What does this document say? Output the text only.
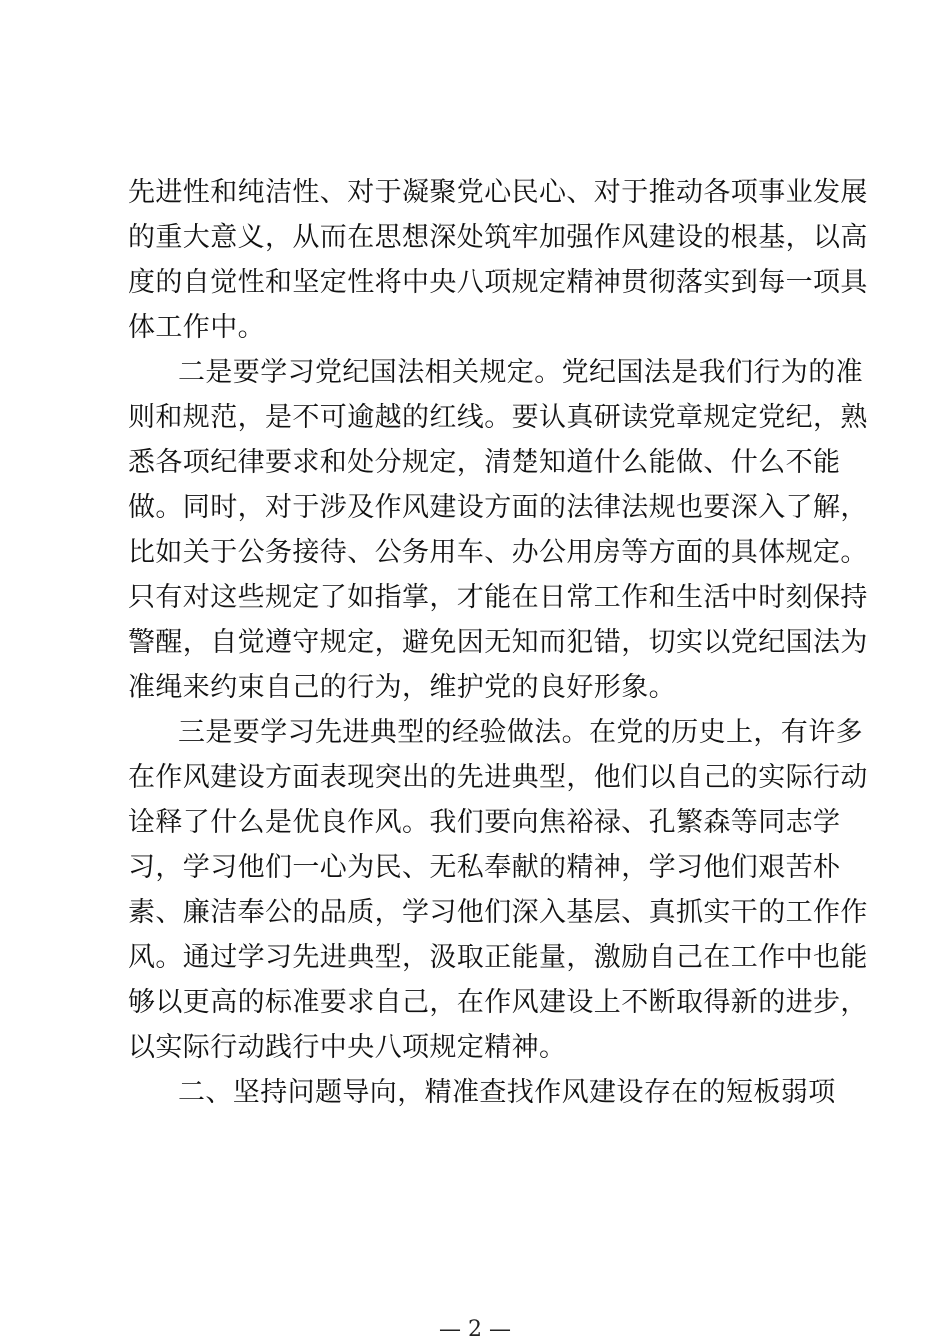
先进性和纯洁性、对于凝聚党心民心、对于推动各项事业发展
的重大意义，从而在思想深处筑牢加强作风建设的根基，以高
度的自觉性和坚定性将中央八项规定精神贯彻落实到每一项具
体工作中。
二是要学习党纪国法相关规定。党纪国法是我们行为的准
则和规范，是不可逾越的红线。要认真研读党章规定党纪，熟
悉各项纪律要求和处分规定，清楚知道什么能做、什么不能
做。同时，对于涉及作风建设方面的法律法规也要深入了解，
比如关于公务接待、公务用车、办公用房等方面的具体规定。
只有对这些规定了如指掌，才能在日常工作和生活中时刻保持
警醒，自觉遵守规定，避免因无知而犯错，切实以党纪国法为
准绳来约束自己的行为，维护党的良好形象。
三是要学习先进典型的经验做法。在党的历史上，有许多
在作风建设方面表现突出的先进典型，他们以自己的实际行动
诠释了什么是优良作风。我们要向焦裕禄、孔繁森等同志学
习，学习他们一心为民、无私奉献的精神，学习他们艰苦朴
素、廉洁奉公的品质，学习他们深入基层、真抓实干的工作作
风。通过学习先进典型，汲取正能量，激励自己在工作中也能
够以更高的标准要求自己，在作风建设上不断取得新的进步，
以实际行动践行中央八项规定精神。
二、坚持问题导向，精准查找作风建设存在的短板弱项
— 2 —
